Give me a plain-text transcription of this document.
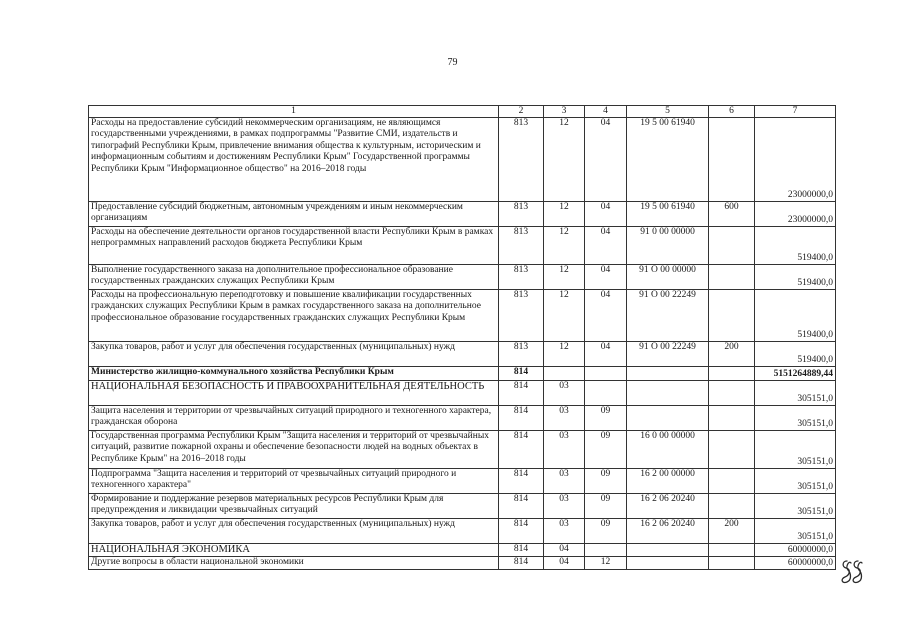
79
1	2	3	4	5	6	7
Расходы на предоставление субсидий некоммерческим организациям, не являющимся государственными учреждениями, в рамках подпрограммы "Развитие СМИ, издательств и типографий Республики Крым, привлечение внимания общества к культурным, историческим и информационным событиям и достижениям Республики Крым" Государственной программы Республики Крым "Информационное общество" на 2016–2018 годы	813	12	04	19 5 00 61940		23000000,0
Предоставление субсидий бюджетным, автономным учреждениям и иным некоммерческим организациям	813	12	04	19 5 00 61940	600	23000000,0
Расходы на обеспечение деятельности органов государственной власти Республики Крым в рамках непрограммных направлений расходов бюджета Республики Крым	813	12	04	91 0 00 00000		519400,0
Выполнение государственного заказа на дополнительное профессиональное образование государственных гражданских служащих Республики Крым	813	12	04	91 О 00 00000		519400,0
Расходы на профессиональную переподготовку и повышение квалификации государственных гражданских служащих Республики Крым в рамках государственного заказа на дополнительное профессиональное образование государственных гражданских служащих Республики Крым	813	12	04	91 О 00 22249		519400,0
Закупка товаров, работ и услуг для обеспечения государственных (муниципальных) нужд	813	12	04	91 О 00 22249	200	519400,0
Министерство жилищно-коммунального хозяйства Республики Крым	814					5151264889,44
НАЦИОНАЛЬНАЯ БЕЗОПАСНОСТЬ И ПРАВООХРАНИТЕЛЬНАЯ ДЕЯТЕЛЬНОСТЬ	814	03				305151,0
Защита населения и территории от чрезвычайных ситуаций природного и техногенного характера, гражданская оборона	814	03	09			305151,0
Государственная программа Республики Крым "Защита населения и территорий от чрезвычайных ситуаций, развитие пожарной охраны и обеспечение безопасности людей на водных объектах в Республике Крым" на 2016–2018 годы	814	03	09	16 0 00 00000		305151,0
Подпрограмма "Защита населения и территорий от чрезвычайных ситуаций природного и техногенного характера"	814	03	09	16 2 00 00000		305151,0
Формирование и поддержание резервов материальных ресурсов Республики Крым для предупреждения и ликвидации чрезвычайных ситуаций	814	03	09	16 2 06 20240		305151,0
Закупка товаров, работ и услуг для обеспечения государственных (муниципальных) нужд	814	03	09	16 2 06 20240	200	305151,0
НАЦИОНАЛЬНАЯ ЭКОНОМИКА	814	04				60000000,0
Другие вопросы в области национальной экономики	814	04	12			60000000,0
